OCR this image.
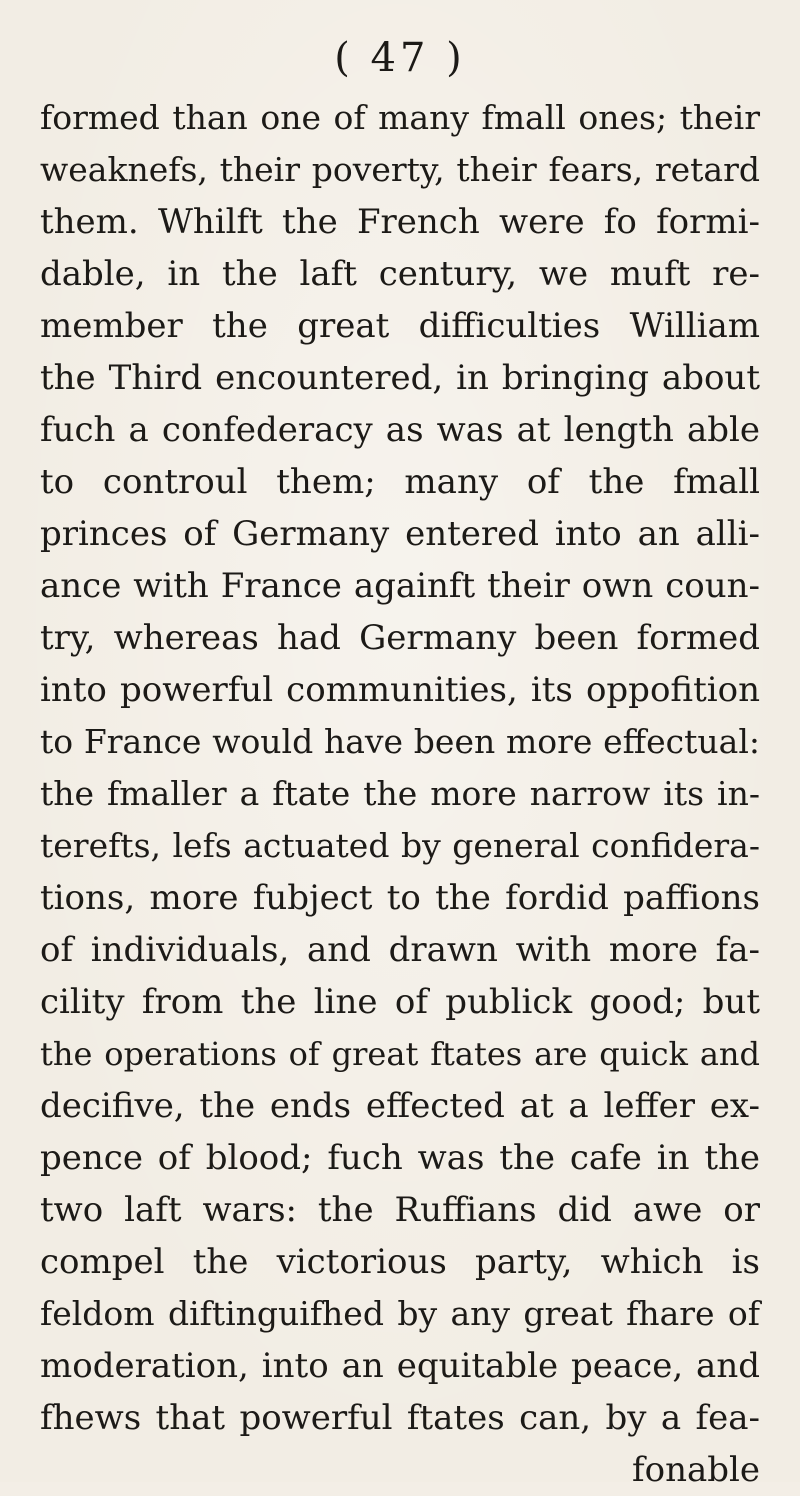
( 47 )
formed than one of many fmall ones; their
weaknefs, their poverty, their fears, retard
them. Whilft the French were fo formi-
dable, in the laft century, we muft re-
member the great difficulties William
the Third encountered, in bringing about
fuch a confederacy as was at length able
to controul them; many of the fmall
princes of Germany entered into an alli-
ance with France againft their own coun-
try, whereas had Germany been formed
into powerful communities, its oppofition
to France would have been more effectual:
the fmaller a ftate the more narrow its in-
terefts, lefs actuated by general confidera-
tions, more fubject to the fordid paffions
of individuals, and drawn with more fa-
cility from the line of publick good; but
the operations of great ftates are quick and
decifive, the ends effected at a leffer ex-
pence of blood; fuch was the cafe in the
two laft wars: the Ruffians did awe or
compel the victorious party, which is
feldom diftinguifhed by any great fhare of
moderation, into an equitable peace, and
fhews that powerful ftates can, by a fea-
fonable
